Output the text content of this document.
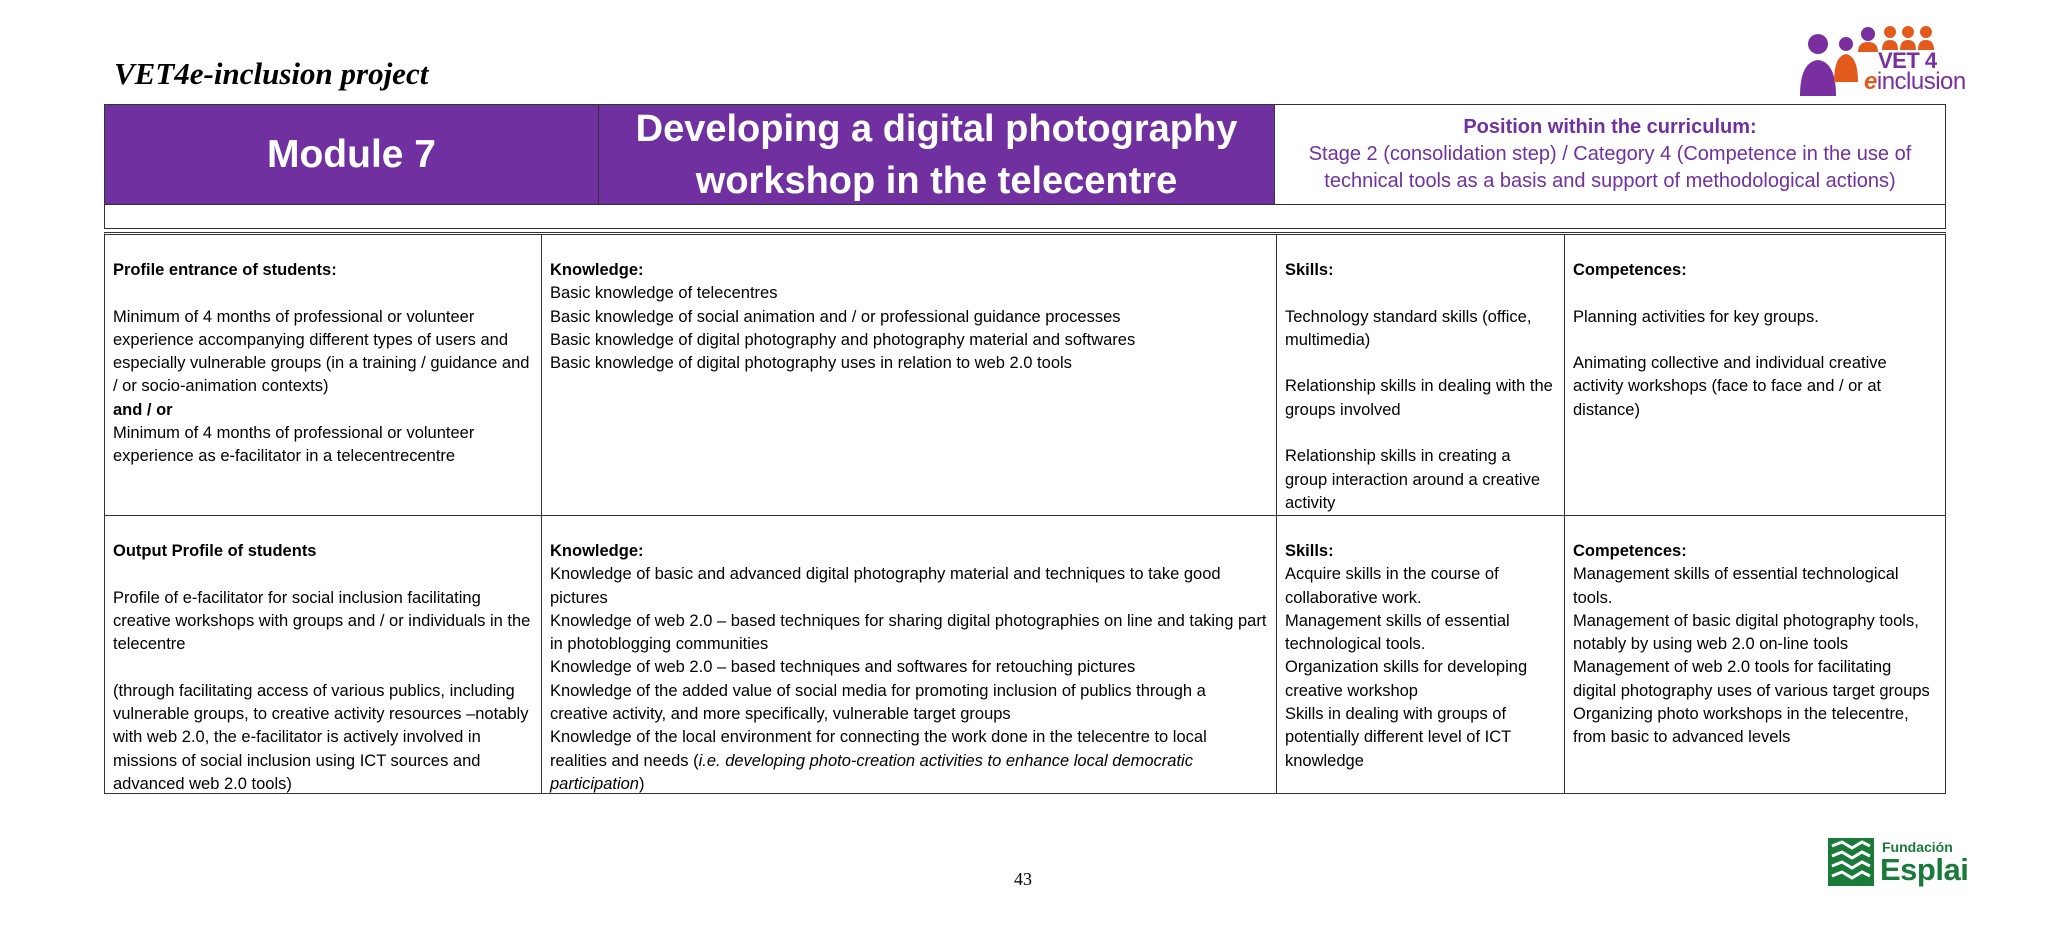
VET4e-inclusion project	VET 4
einclusion
Module 7
Developing a digital photography workshop in the telecentre
Position within the curriculum:
Stage 2 (consolidation step) / Category 4 (Competence in the use of technical tools as a basis and support of methodological actions)
Profile entrance of students:
Minimum of 4 months of professional or volunteer experience accompanying different types of users and especially vulnerable groups (in a training / guidance and / or socio-animation contexts)
and / or
Minimum of 4 months of professional or volunteer experience as e-facilitator in a telecentrecentre
Knowledge:
Basic knowledge of telecentres
Basic knowledge of social animation and / or professional guidance processes
Basic knowledge of digital photography and photography material and softwares
Basic knowledge of digital photography uses in relation to web 2.0 tools
Skills:
Technology standard skills (office, multimedia)
Relationship skills in dealing with the groups involved
Relationship skills in creating a group interaction around a creative activity
Competences:
Planning activities for key groups.
Animating collective and individual creative activity workshops (face to face and / or at distance)
Output Profile of students
Profile of e-facilitator for social inclusion facilitating creative workshops with groups and / or individuals in the telecentre
(through facilitating access of various publics, including vulnerable groups, to creative activity resources –notably with web 2.0, the e-facilitator is actively involved in missions of social inclusion using ICT sources and advanced web 2.0 tools)
Knowledge:
Knowledge of basic and advanced digital photography material and techniques to take good pictures
Knowledge of web 2.0 – based techniques for sharing digital photographies on line and taking part in photoblogging communities
Knowledge of web 2.0 – based techniques and softwares for retouching pictures
Knowledge of the added value of social media for promoting inclusion of publics through a creative activity, and more specifically, vulnerable target groups
Knowledge of the local environment for connecting the work done in the telecentre to local realities and needs (i.e. developing photo-creation activities to enhance local democratic participation)
Skills:
Acquire skills in the course of collaborative work.
Management skills of essential technological tools.
Organization skills for developing creative workshop
Skills in dealing with groups of potentially different level of ICT knowledge
Competences:
Management skills of essential technological tools.
Management of basic digital photography tools, notably by using web 2.0 on-line tools
Management of web 2.0 tools for facilitating digital photography uses of various target groups
Organizing photo workshops in the telecentre, from basic to advanced levels
43
Fundación
Esplai
